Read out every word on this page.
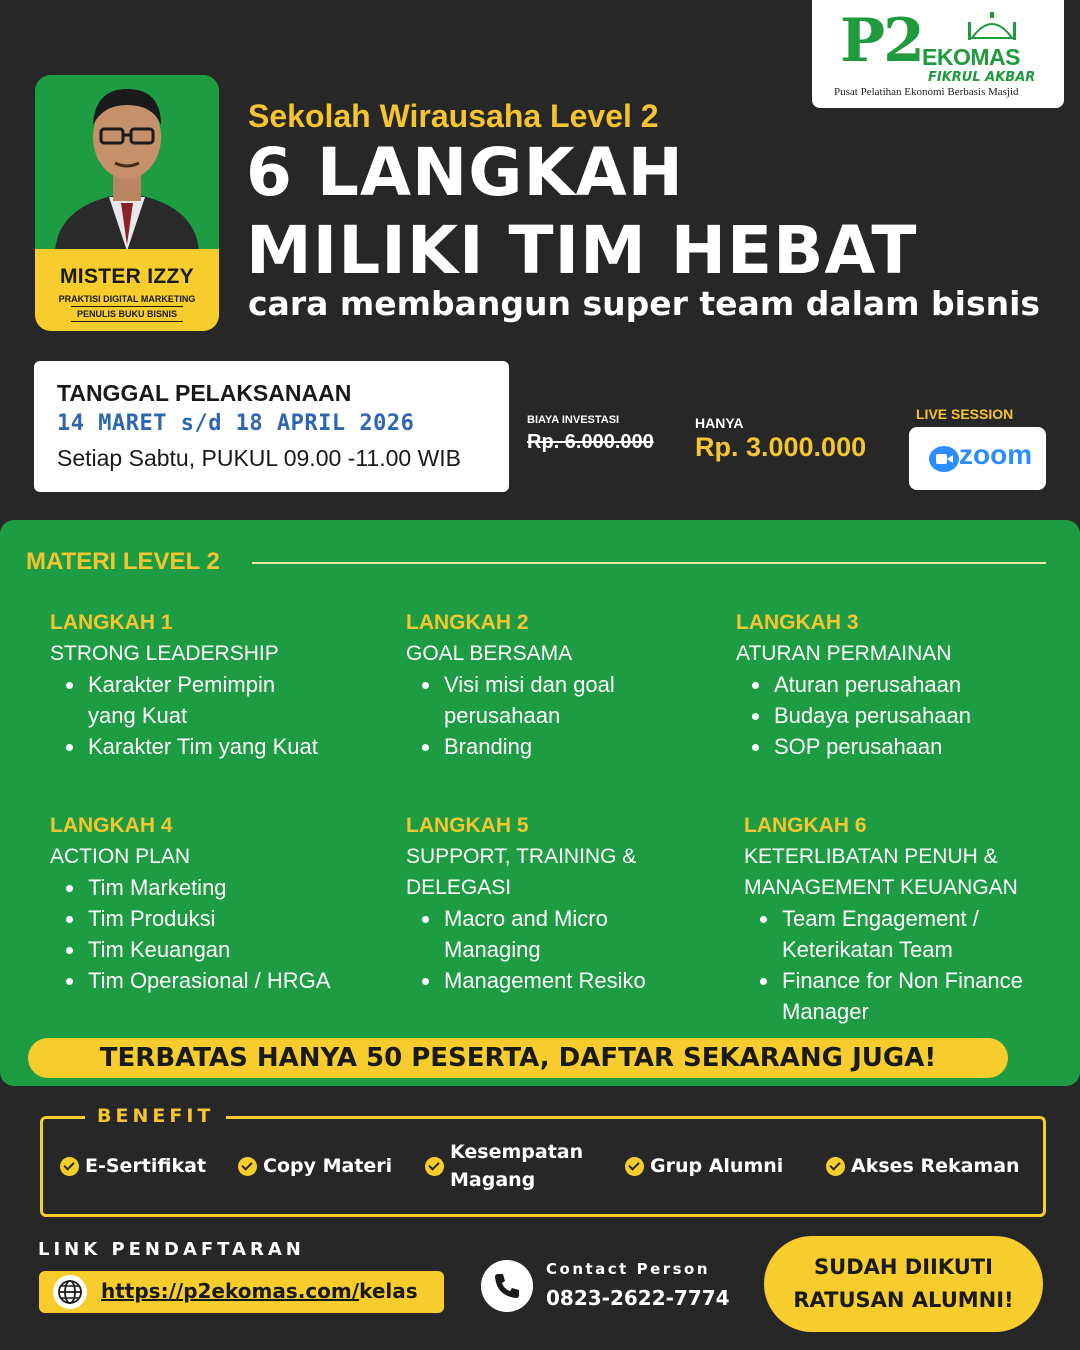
P2 EKOMAS
FIKRUL AKBAR
Pusat Pelatihan Ekonomi Berbasis Masjid
MISTER IZZY
PRAKTISI DIGITAL MARKETING
PENULIS BUKU BISNIS
Sekolah Wirausaha Level 2
6 LANGKAH
MILIKI TIM HEBAT
cara membangun super team dalam bisnis
TANGGAL PELAKSANAAN
14 MARET s/d 18 APRIL 2026
Setiap Sabtu, PUKUL 09.00 -11.00 WIB
BIAYA INVESTASI
Rp. 6.000.000
HANYA
Rp. 3.000.000
LIVE SESSION
zoom
MATERI LEVEL 2
LANGKAH 1
STRONG LEADERSHIP
Karakter Pemimpin yang Kuat
Karakter Tim yang Kuat
LANGKAH 2
GOAL BERSAMA
Visi misi dan goal perusahaan
Branding
LANGKAH 3
ATURAN PERMAINAN
Aturan perusahaan
Budaya perusahaan
SOP perusahaan
LANGKAH 4
ACTION PLAN
Tim Marketing
Tim Produksi
Tim Keuangan
Tim Operasional / HRGA
LANGKAH 5
SUPPORT, TRAINING & DELEGASI
Macro and Micro Managing
Management Resiko
LANGKAH 6
KETERLIBATAN PENUH & MANAGEMENT KEUANGAN
Team Engagement / Keterikatan Team
Finance for Non Finance Manager
TERBATAS HANYA 50 PESERTA, DAFTAR SEKARANG JUGA!
BENEFIT
E-Sertifikat	Copy Materi
Kesempatan Magang
Grup Alumni	Akses Rekaman
LINK PENDAFTARAN
https://p2ekomas.com/kelas
Contact Person
0823-2622-7774
SUDAH DIIKUTI
RATUSAN ALUMNI!
